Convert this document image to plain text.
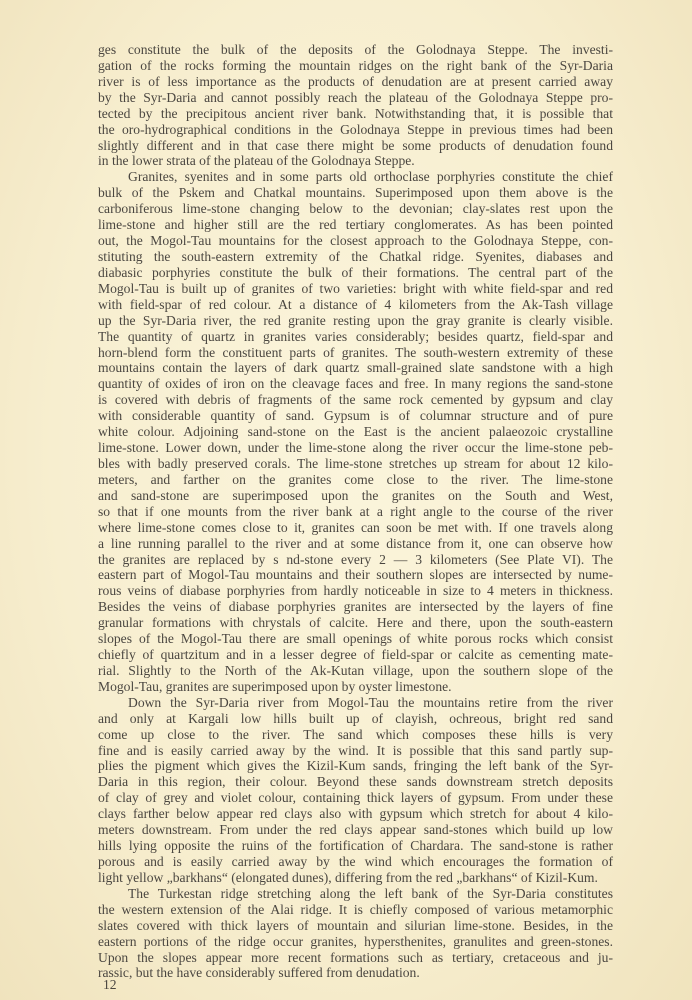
ges constitute the bulk of the deposits of the Golodnaya Steppe. The investi-
gation of the rocks forming the mountain ridges on the right bank of the Syr-Daria
river is of less importance as the products of denudation are at present carried away
by the Syr-Daria and cannot possibly reach the plateau of the Golodnaya Steppe pro-
tected by the precipitous ancient river bank. Notwithstanding that, it is possible that
the oro-hydrographical conditions in the Golodnaya Steppe in previous times had been
slightly different and in that case there might be some products of denudation found
in the lower strata of the plateau of the Golodnaya Steppe.
Granites, syenites and in some parts old orthoclase porphyries constitute the chief
bulk of the Pskem and Chatkal mountains. Superimposed upon them above is the
carboniferous lime-stone changing below to the devonian; clay-slates rest upon the
lime-stone and higher still are the red tertiary conglomerates. As has been pointed
out, the Mogol-Tau mountains for the closest approach to the Golodnaya Steppe, con-
stituting the south-eastern extremity of the Chatkal ridge. Syenites, diabases and
diabasic porphyries constitute the bulk of their formations. The central part of the
Mogol-Tau is built up of granites of two varieties: bright with white field-spar and red
with field-spar of red colour. At a distance of 4 kilometers from the Ak-Tash village
up the Syr-Daria river, the red granite resting upon the gray granite is clearly visible.
The quantity of quartz in granites varies considerably; besides quartz, field-spar and
horn-blend form the constituent parts of granites. The south-western extremity of these
mountains contain the layers of dark quartz small-grained slate sandstone with a high
quantity of oxides of iron on the cleavage faces and free. In many regions the sand-stone
is covered with debris of fragments of the same rock cemented by gypsum and clay
with considerable quantity of sand. Gypsum is of columnar structure and of pure
white colour. Adjoining sand-stone on the East is the ancient palaeozoic crystalline
lime-stone. Lower down, under the lime-stone along the river occur the lime-stone peb-
bles with badly preserved corals. The lime-stone stretches up stream for about 12 kilo-
meters, and farther on the granites come close to the river. The lime-stone
and sand-stone are superimposed upon the granites on the South and West,
so that if one mounts from the river bank at a right angle to the course of the river
where lime-stone comes close to it, granites can soon be met with. If one travels along
a line running parallel to the river and at some distance from it, one can observe how
the granites are replaced by s nd-stone every 2 — 3 kilometers (See Plate VI). The
eastern part of Mogol-Tau mountains and their southern slopes are intersected by nume-
rous veins of diabase porphyries from hardly noticeable in size to 4 meters in thickness.
Besides the veins of diabase porphyries granites are intersected by the layers of fine
granular formations with chrystals of calcite. Here and there, upon the south-eastern
slopes of the Mogol-Tau there are small openings of white porous rocks which consist
chiefly of quartzitum and in a lesser degree of field-spar or calcite as cementing mate-
rial. Slightly to the North of the Ak-Kutan village, upon the southern slope of the
Mogol-Tau, granites are superimposed upon by oyster limestone.
Down the Syr-Daria river from Mogol-Tau the mountains retire from the river
and only at Kargali low hills built up of clayish, ochreous, bright red sand
come up close to the river. The sand which composes these hills is very
fine and is easily carried away by the wind. It is possible that this sand partly sup-
plies the pigment which gives the Kizil-Kum sands, fringing the left bank of the Syr-
Daria in this region, their colour. Beyond these sands downstream stretch deposits
of clay of grey and violet colour, containing thick layers of gypsum. From under these
clays farther below appear red clays also with gypsum which stretch for about 4 kilo-
meters downstream. From under the red clays appear sand-stones which build up low
hills lying opposite the ruins of the fortification of Chardara. The sand-stone is rather
porous and is easily carried away by the wind which encourages the formation of
light yellow „barkhans“ (elongated dunes), differing from the red „barkhans“ of Kizil-Kum.
The Turkestan ridge stretching along the left bank of the Syr-Daria constitutes
the western extension of the Alai ridge. It is chiefly composed of various metamorphic
slates covered with thick layers of mountain and silurian lime-stone. Besides, in the
eastern portions of the ridge occur granites, hypersthenites, granulites and green-stones.
Upon the slopes appear more recent formations such as tertiary, cretaceous and ju-
rassic, but the have considerably suffered from denudation.
12
